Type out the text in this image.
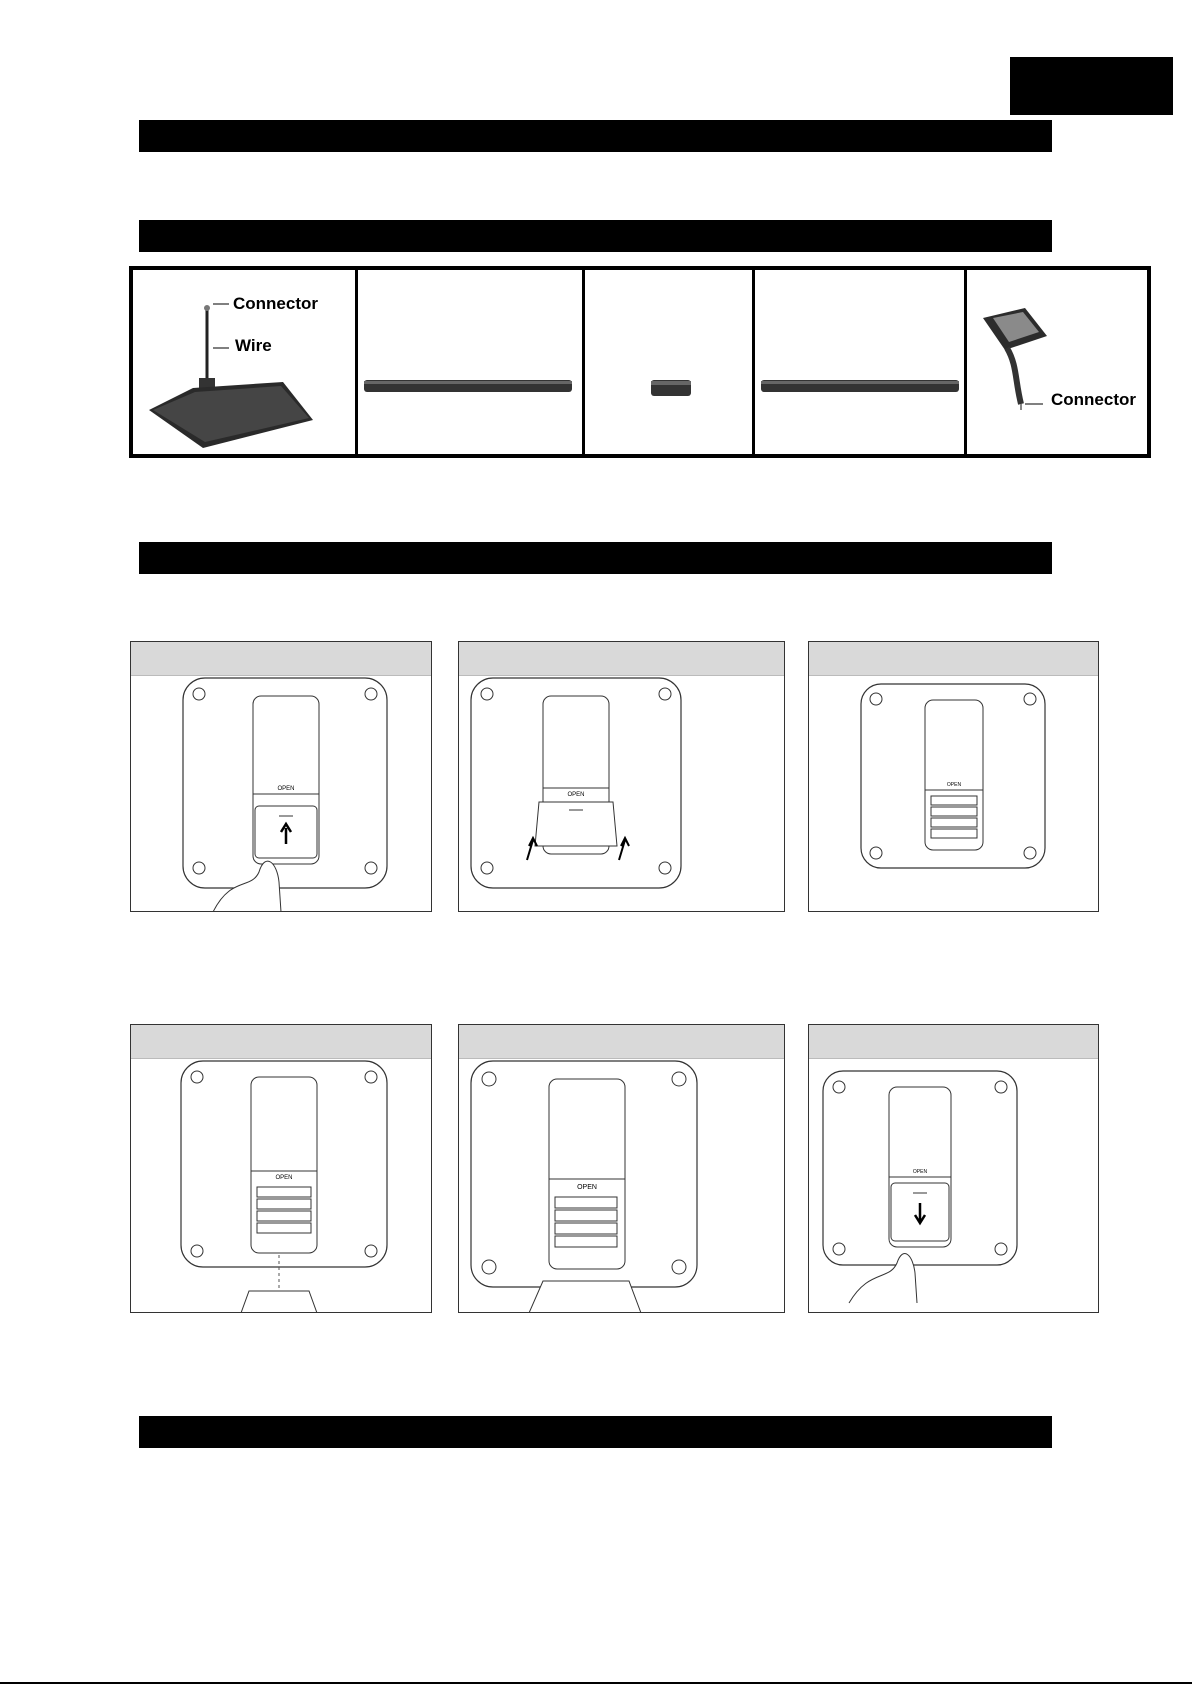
Connector
Wire
Connector
OPEN
OPEN
OPEN
OPEN
OPEN
OPEN
